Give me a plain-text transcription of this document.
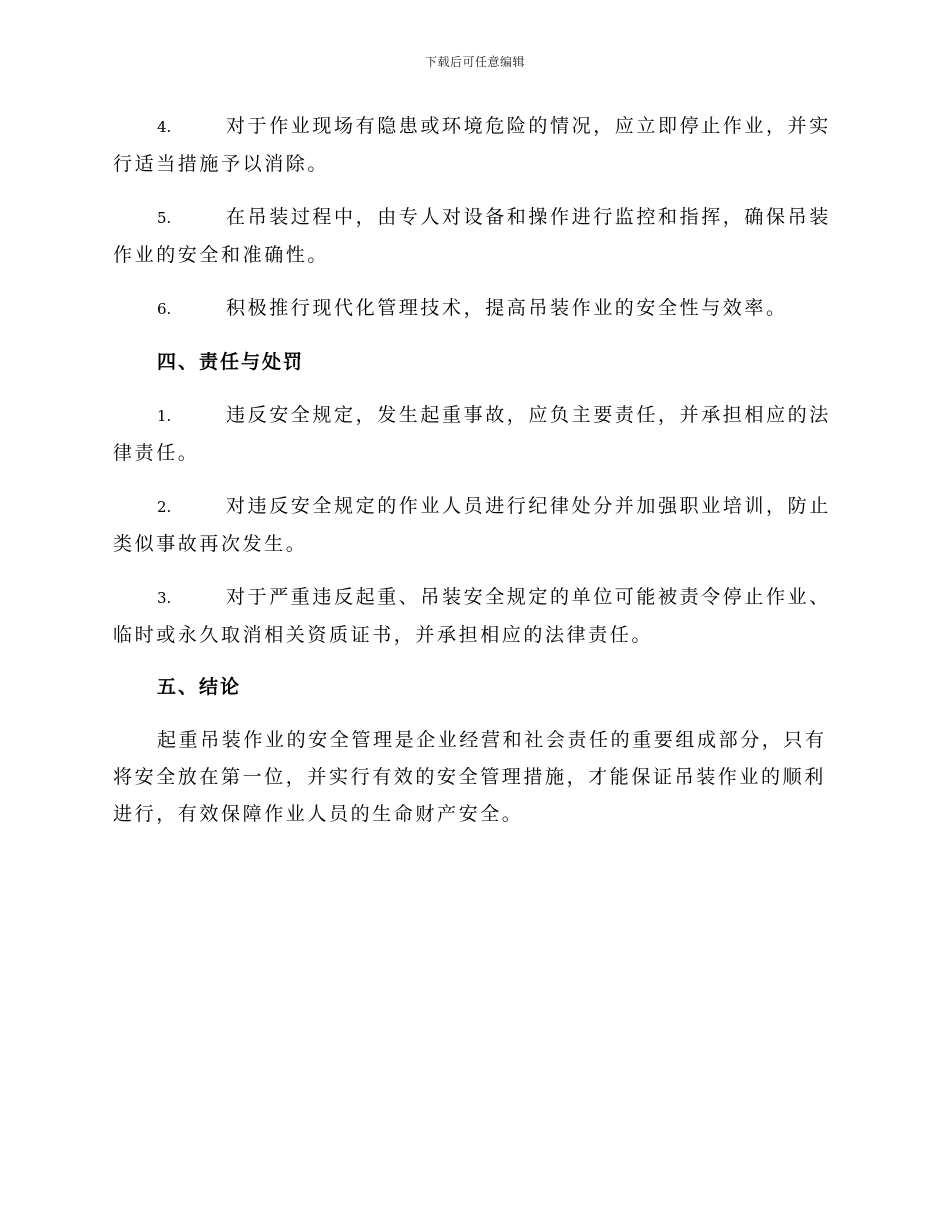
下载后可任意编辑
4.	对于作业现场有隐患或环境危险的情况，应立即停止作业，并实行适当措施予以消除。
5.	在吊装过程中，由专人对设备和操作进行监控和指挥，确保吊装作业的安全和准确性。
6.	积极推行现代化管理技术，提高吊装作业的安全性与效率。
四、责任与处罚
1.	违反安全规定，发生起重事故，应负主要责任，并承担相应的法律责任。
2.	对违反安全规定的作业人员进行纪律处分并加强职业培训，防止类似事故再次发生。
3.	对于严重违反起重、吊装安全规定的单位可能被责令停止作业、临时或永久取消相关资质证书，并承担相应的法律责任。
五、结论
起重吊装作业的安全管理是企业经营和社会责任的重要组成部分，只有将安全放在第一位，并实行有效的安全管理措施，才能保证吊装作业的顺利进行，有效保障作业人员的生命财产安全。
